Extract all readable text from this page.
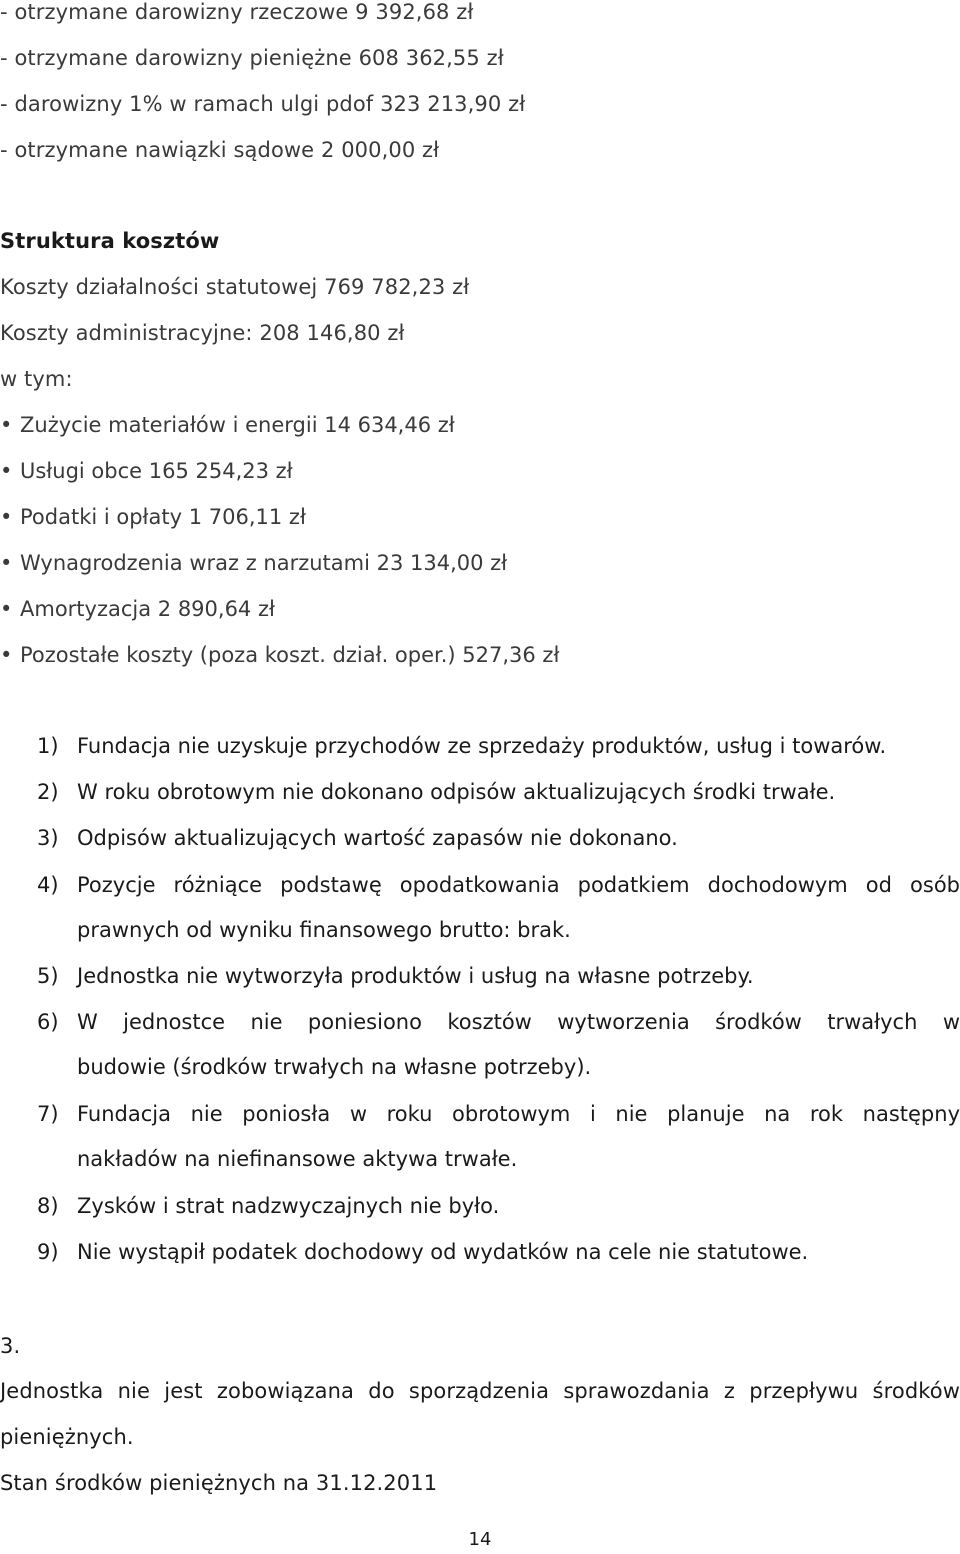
- otrzymane darowizny rzeczowe 9 392,68 zł
- otrzymane darowizny pieniężne 608 362,55 zł
- darowizny 1% w ramach ulgi pdof 323 213,90 zł
- otrzymane nawiązki sądowe 2 000,00 zł
Struktura kosztów
Koszty działalności statutowej 769 782,23 zł
Koszty administracyjne: 208 146,80 zł
w tym:
• Zużycie materiałów i energii 14 634,46 zł
• Usługi obce 165 254,23 zł
• Podatki i opłaty 1 706,11 zł
• Wynagrodzenia wraz z narzutami 23 134,00 zł
• Amortyzacja 2 890,64 zł
• Pozostałe koszty (poza koszt. dział. oper.) 527,36 zł
1) Fundacja nie uzyskuje przychodów ze sprzedaży produktów, usług i towarów.
2) W roku obrotowym nie dokonano odpisów aktualizujących środki trwałe.
3) Odpisów aktualizujących wartość zapasów nie dokonano.
4) Pozycje różniące podstawę opodatkowania podatkiem dochodowym od osób
prawnych od wyniku finansowego brutto: brak.
5) Jednostka nie wytworzyła produktów i usług na własne potrzeby.
6) W jednostce nie poniesiono kosztów wytworzenia środków trwałych w
budowie (środków trwałych na własne potrzeby).
7) Fundacja nie poniosła w roku obrotowym i nie planuje na rok następny
nakładów na niefinansowe aktywa trwałe.
8) Zysków i strat nadzwyczajnych nie było.
9) Nie wystąpił podatek dochodowy od wydatków na cele nie statutowe.
3.
Jednostka nie jest zobowiązana do sporządzenia sprawozdania z przepływu środków
pieniężnych.
Stan środków pieniężnych na 31.12.2011
14
